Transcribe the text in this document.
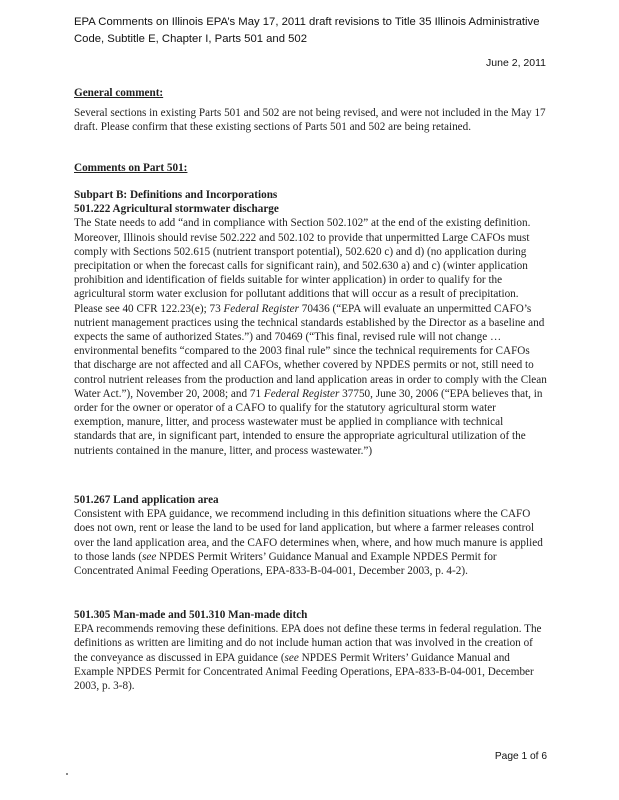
EPA Comments on Illinois EPA’s May 17, 2011 draft revisions to Title 35 Illinois Administrative Code, Subtitle E, Chapter I, Parts 501 and 502
June 2, 2011

General comment:

Several sections in existing Parts 501 and 502 are not being revised, and were not included in the May 17 draft. Please confirm that these existing sections of Parts 501 and 502 are being retained.

Comments on Part 501:

Subpart B: Definitions and Incorporations

501.222 Agricultural stormwater discharge

The State needs to add “and in compliance with Section 502.102” at the end of the existing definition. Moreover, Illinois should revise 502.222 and 502.102 to provide that unpermitted Large CAFOs must comply with Sections 502.615 (nutrient transport potential), 502.620 c) and d) (no application during precipitation or when the forecast calls for significant rain), and 502.630 a) and c) (winter application prohibition and identification of fields suitable for winter application) in order to qualify for the agricultural storm water exclusion for pollutant additions that will occur as a result of precipitation. Please see 40 CFR 122.23(e); 73 Federal Register 70436 (“EPA will evaluate an unpermitted CAFO’s nutrient management practices using the technical standards established by the Director as a baseline and expects the same of authorized States.”) and 70469 (“This final, revised rule will not change … environmental benefits “compared to the 2003 final rule” since the technical requirements for CAFOs that discharge are not affected and all CAFOs, whether covered by NPDES permits or not, still need to control nutrient releases from the production and land application areas in order to comply with the Clean Water Act.”), November 20, 2008; and 71 Federal Register 37750, June 30, 2006 (“EPA believes that, in order for the owner or operator of a CAFO to qualify for the statutory agricultural storm water exemption, manure, litter, and process wastewater must be applied in compliance with technical standards that are, in significant part, intended to ensure the appropriate agricultural utilization of the nutrients contained in the manure, litter, and process wastewater.”)

501.267 Land application area

Consistent with EPA guidance, we recommend including in this definition situations where the CAFO does not own, rent or lease the land to be used for land application, but where a farmer releases control over the land application area, and the CAFO determines when, where, and how much manure is applied to those lands (see NPDES Permit Writers’ Guidance Manual and Example NPDES Permit for Concentrated Animal Feeding Operations, EPA-833-B-04-001, December 2003, p. 4-2).

501.305 Man-made and 501.310 Man-made ditch

EPA recommends removing these definitions. EPA does not define these terms in federal regulation. The definitions as written are limiting and do not include human action that was involved in the creation of the conveyance as discussed in EPA guidance (see NPDES Permit Writers’ Guidance Manual and Example NPDES Permit for Concentrated Animal Feeding Operations, EPA-833-B-04-001, December 2003, p. 3-8).

Page 1 of 6
